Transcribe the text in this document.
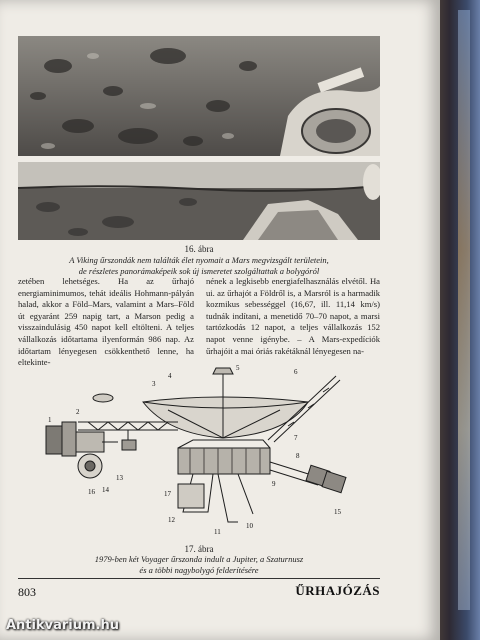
16. ábra
A Viking űrszondák nem találták élet nyomait a Mars megvizsgált területein,
de részletes panorámaképeik sok új ismeretet szolgáltattak a bolygóról
zetében lehetséges. Ha az űrhajó energiaminimumos, tehát ideális Hohmann-pályán halad, akkor a Föld–Mars, valamint a Mars–Föld út egyaránt 259 napig tart, a Marson pedig a visszaindulásig 450 napot kell eltölteni. A teljes vállalkozás időtartama ilyenformán 986 nap. Az időtartam lényegesen csökkenthető lenne, ha eltekinte-
nének a legkisebb energiafelhasználás elvétől. Ha ui. az űrhajót a Földről is, a Marsról is a harmadik kozmikus sebességgel (16,67, ill. 11,14 km/s) tudnák indítani, a menetidő 70–70 napot, a marsi tartózkodás 12 napot, a teljes vállalkozás 152 napot venne igénybe. – A Mars-expedíciók űrhajóit a mai óriás rakétáknál lényegesen na-
1
2
3
4
5	6
7
8
9
10
11
12
13
14
15
16	17
17. ábra
1979-ben két Voyager űrszonda indult a Jupiter, a Szaturnusz
és a többi nagybolygó felderítésére
803	ŰRHAJÓZÁS
Antikvarium.hu
